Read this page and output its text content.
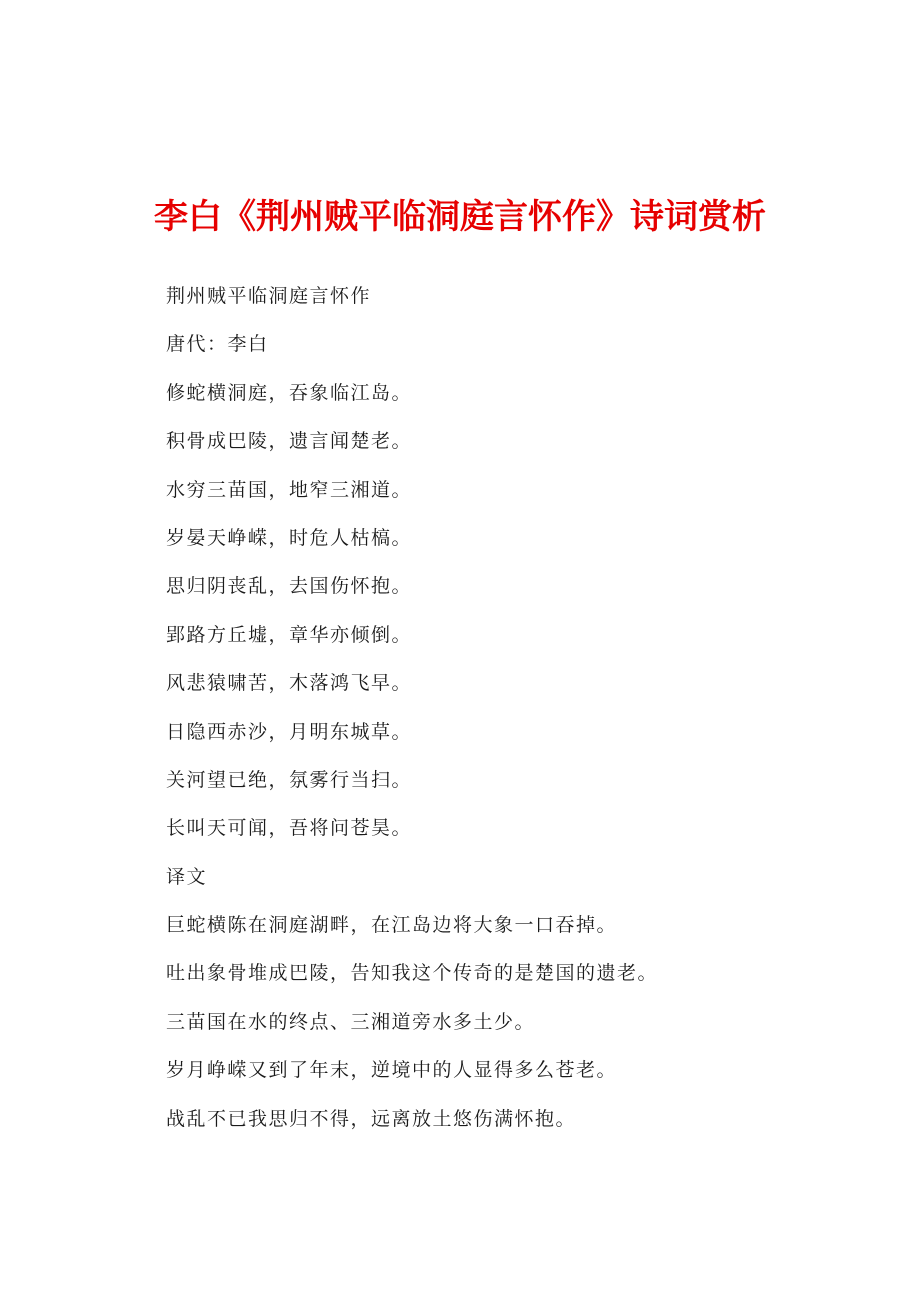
李白《荆州贼平临洞庭言怀作》诗词赏析
荆州贼平临洞庭言怀作
唐代：李白
修蛇横洞庭，吞象临江岛。
积骨成巴陵，遗言闻楚老。
水穷三苗国，地窄三湘道。
岁晏天峥嵘，时危人枯槁。
思归阴丧乱，去国伤怀抱。
郢路方丘墟，章华亦倾倒。
风悲猿啸苦，木落鸿飞早。
日隐西赤沙，月明东城草。
关河望已绝，氛雾行当扫。
长叫天可闻，吾将问苍昊。
译文
巨蛇横陈在洞庭湖畔，在江岛边将大象一口吞掉。
吐出象骨堆成巴陵，告知我这个传奇的是楚国的遗老。
三苗国在水的终点、三湘道旁水多土少。
岁月峥嵘又到了年末，逆境中的人显得多么苍老。
战乱不已我思归不得，远离放土悠伤满怀抱。
